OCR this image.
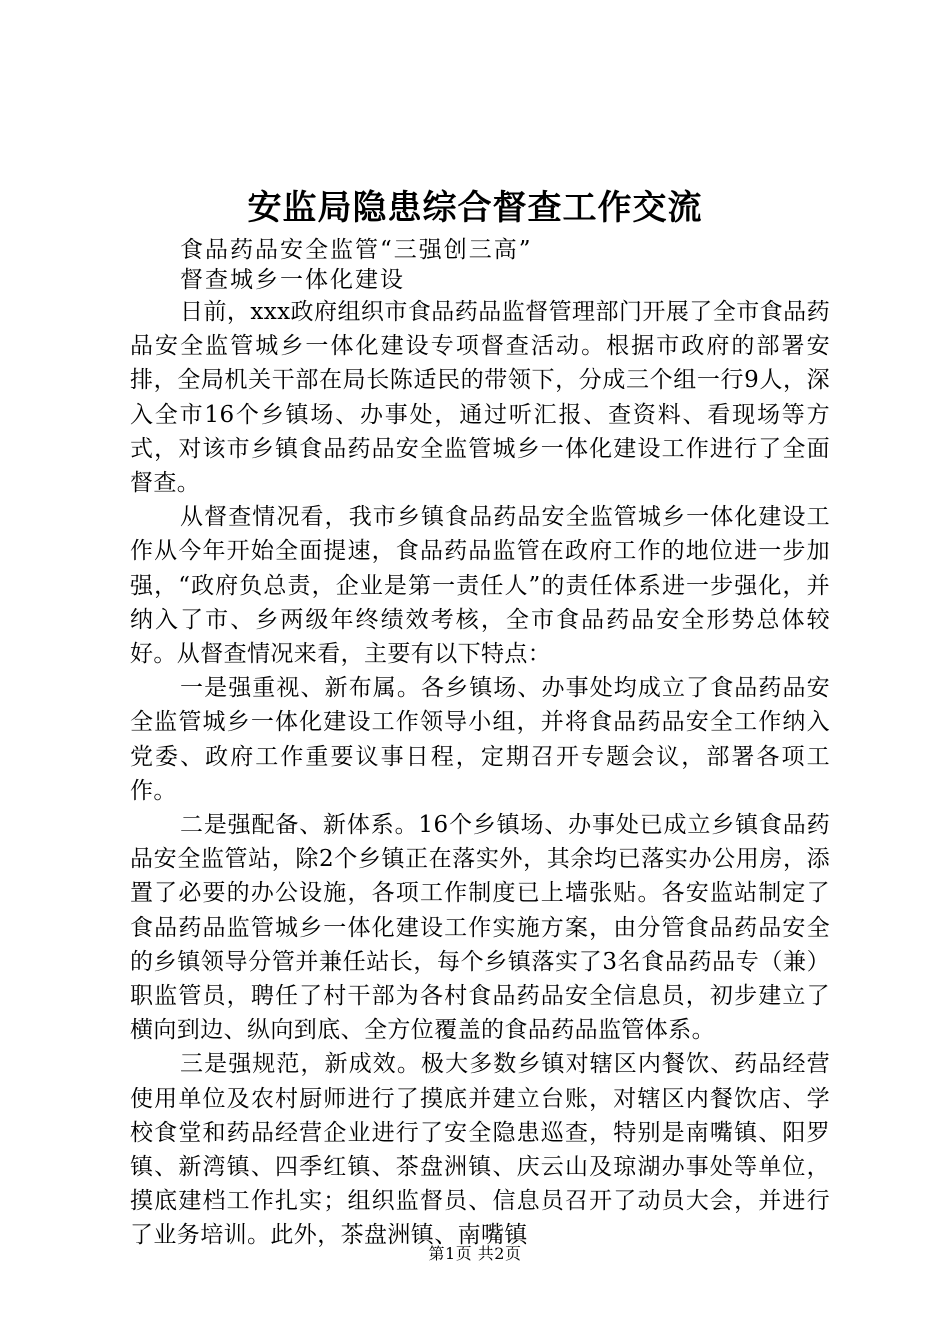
安监局隐患综合督查工作交流
食品药品安全监管“三强创三高”
督查城乡一体化建设

日前，xxx政府组织市食品药品监督管理部门开展了全市食品药品安全监管城乡一体化建设专项督查活动。根据市政府的部署安排，全局机关干部在局长陈适民的带领下，分成三个组一行9人，深入全市16个乡镇场、办事处，通过听汇报、查资料、看现场等方式，对该市乡镇食品药品安全监管城乡一体化建设工作进行了全面督查。

从督查情况看，我市乡镇食品药品安全监管城乡一体化建设工作从今年开始全面提速，食品药品监管在政府工作的地位进一步加强，“政府负总责，企业是第一责任人”的责任体系进一步强化，并纳入了市、乡两级年终绩效考核，全市食品药品安全形势总体较好。从督查情况来看，主要有以下特点：

一是强重视、新布属。各乡镇场、办事处均成立了食品药品安全监管城乡一体化建设工作领导小组，并将食品药品安全工作纳入党委、政府工作重要议事日程，定期召开专题会议，部署各项工作。

二是强配备、新体系。16个乡镇场、办事处已成立乡镇食品药品安全监管站，除2个乡镇正在落实外，其余均已落实办公用房，添置了必要的办公设施，各项工作制度已上墙张贴。各安监站制定了食品药品监管城乡一体化建设工作实施方案，由分管食品药品安全的乡镇领导分管并兼任站长，每个乡镇落实了3名食品药品专（兼）职监管员，聘任了村干部为各村食品药品安全信息员，初步建立了横向到边、纵向到底、全方位覆盖的食品药品监管体系。

三是强规范，新成效。极大多数乡镇对辖区内餐饮、药品经营使用单位及农村厨师进行了摸底并建立台账，对辖区内餐饮店、学校食堂和药品经营企业进行了安全隐患巡查，特别是南嘴镇、阳罗镇、新湾镇、四季红镇、茶盘洲镇、庆云山及琼湖办事处等单位，摸底建档工作扎实；组织监督员、信息员召开了动员大会，并进行了业务培训。此外，茶盘洲镇、南嘴镇

第1页 共2页
